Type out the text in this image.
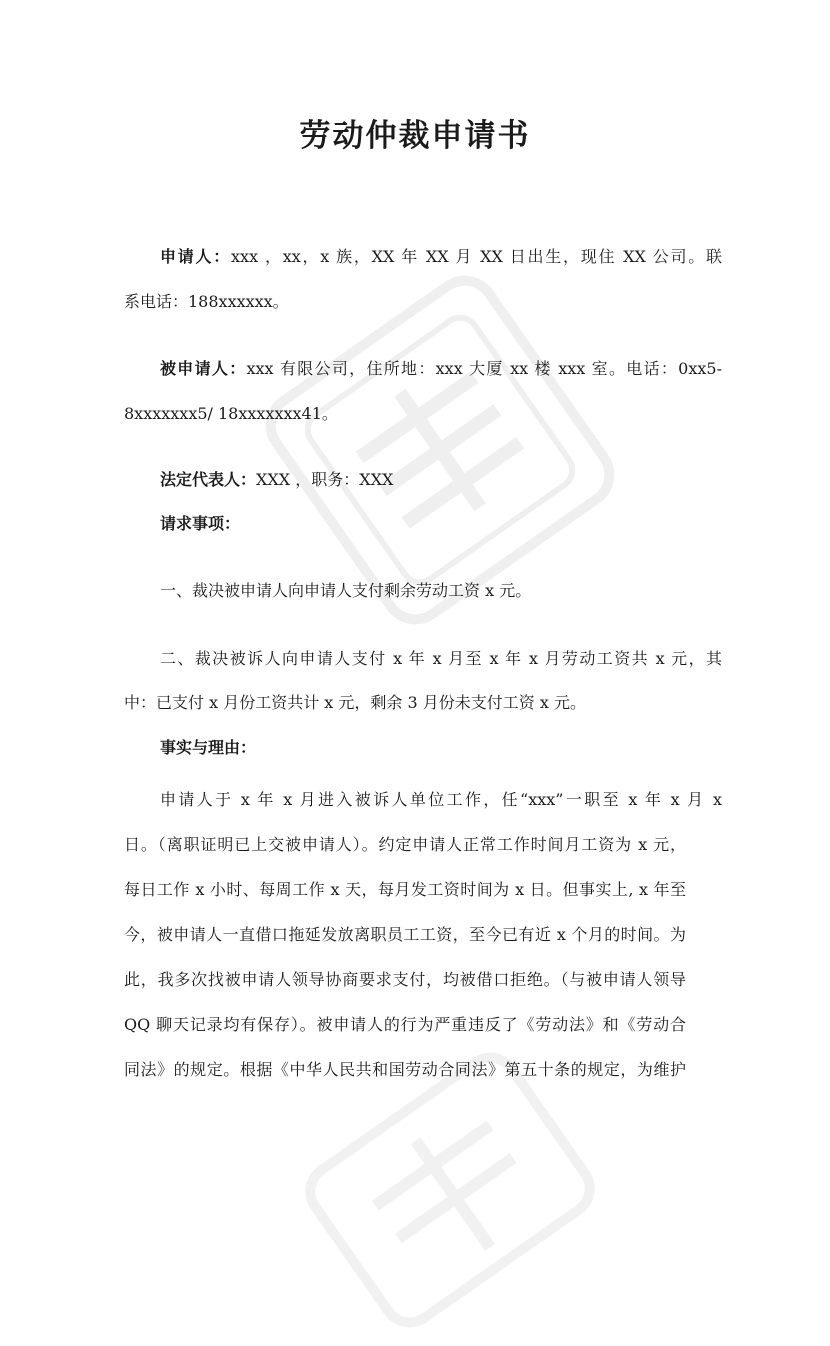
劳动仲裁申请书
申请人：xxx ，xx，x 族，XX 年 XX 月 XX 日出生，现住 XX 公司。联
系电话：188xxxxxx。
被申请人：xxx 有限公司，住所地：xxx 大厦 xx 楼 xxx 室。电话：0xx5-
8xxxxxxx5/ 18xxxxxxx41。
法定代表人：XXX ，职务：XXX
请求事项：
一、裁决被申请人向申请人支付剩余劳动工资 x 元。
二、裁决被诉人向申请人支付 x 年 x 月至 x 年 x 月劳动工资共 x 元，其
中：已支付 x 月份工资共计 x 元，剩余 3 月份未支付工资 x 元。
事实与理由：
申请人于 x 年 x 月进入被诉人单位工作，任“xxx”一职至 x 年 x 月 x
日。（离职证明已上交被申请人）。约定申请人正常工作时间月工资为 x 元，
每日工作 x 小时、每周工作 x 天，每月发工资时间为 x 日。但事实上, x 年至
今，被申请人一直借口拖延发放离职员工工资，至今已有近 x 个月的时间。为
此，我多次找被申请人领导协商要求支付，均被借口拒绝。（与被申请人领导
QQ 聊天记录均有保存）。被申请人的行为严重违反了《劳动法》和《劳动合
同法》的规定。根据《中华人民共和国劳动合同法》第五十条的规定，为维护
